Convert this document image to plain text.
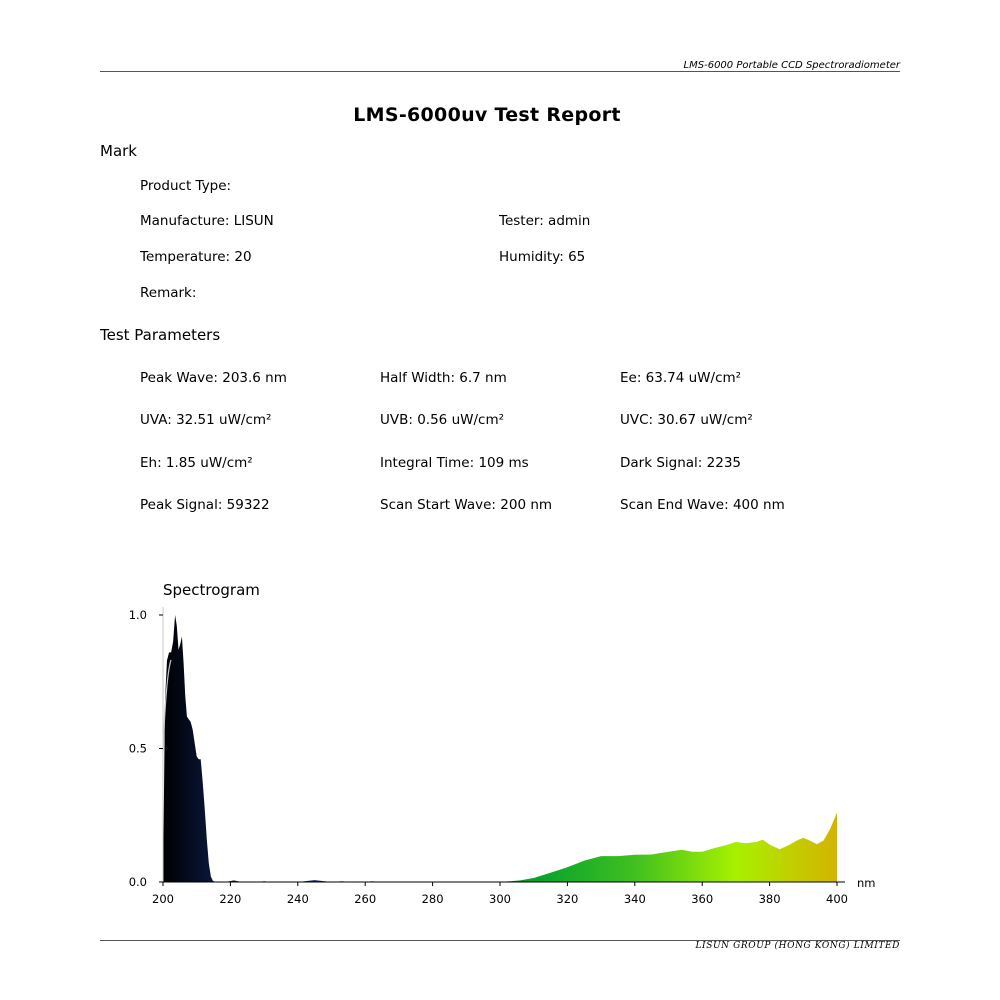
LMS-6000 Portable CCD Spectroradiometer
LMS-6000uv Test Report
Mark
Product Type:
Manufacture: LISUN	Tester: admin
Temperature: 20	Humidity: 65
Remark:
Test Parameters
Peak Wave: 203.6 nm	Half Width: 6.7 nm	Ee: 63.74 uW/cm²
UVA: 32.51 uW/cm²	UVB: 0.56 uW/cm²	UVC: 30.67 uW/cm²
Eh: 1.85 uW/cm²	Integral Time: 109 ms	Dark Signal: 2235
Peak Signal: 59322	Scan Start Wave: 200 nm	Scan End Wave: 400 nm
Spectrogram
200	220	240	260	280	300	320	340	360	380	400
0.0
0.5
1.0
nm
LISUN GROUP (HONG KONG) LIMITED
